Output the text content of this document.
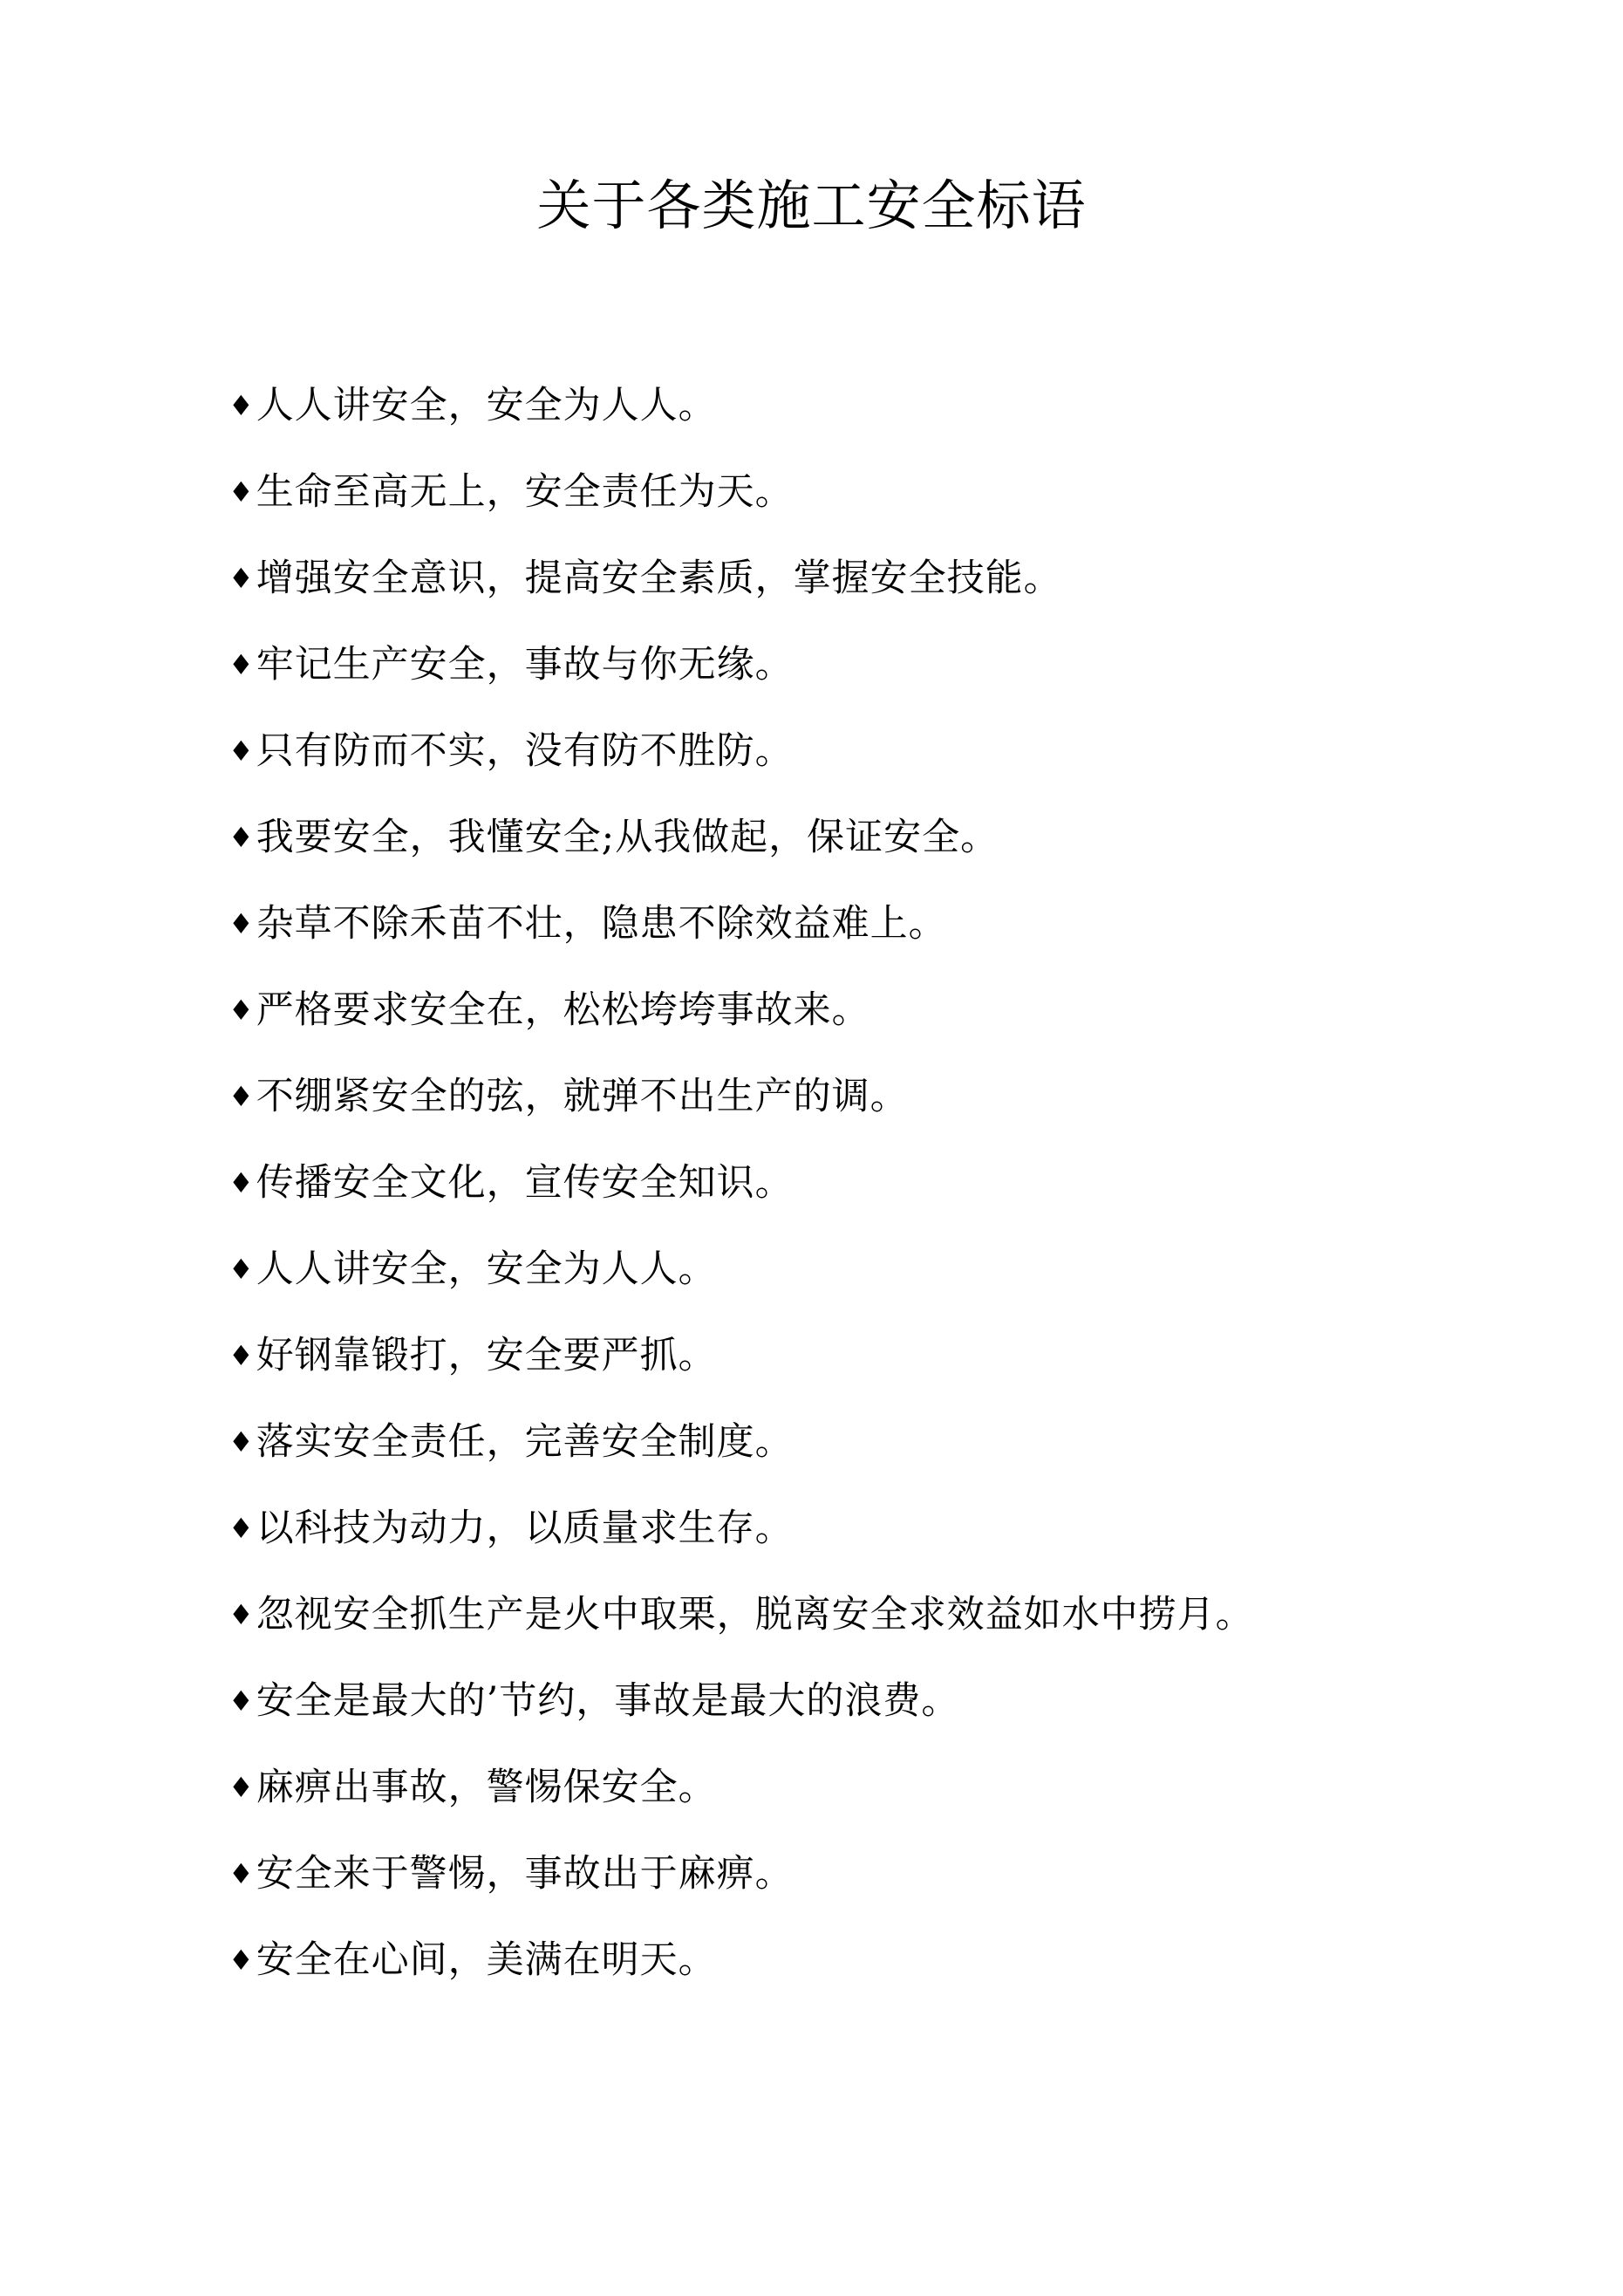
关于各类施工安全标语

♦人人讲安全，安全为人人。

♦生命至高无上，安全责任为天。

♦增强安全意识，提高安全素质，掌握安全技能。

♦牢记生产安全，事故与你无缘。

♦只有防而不实，没有防不胜防。

♦我要安全，我懂安全;从我做起，保证安全。

♦杂草不除禾苗不壮，隐患不除效益难上。

♦严格要求安全在，松松垮垮事故来。

♦不绷紧安全的弦，就弹不出生产的调。

♦传播安全文化，宣传安全知识。

♦人人讲安全，安全为人人。

♦好钢靠锻打，安全要严抓。

♦落实安全责任，完善安全制度。

♦以科技为动力，以质量求生存。

♦忽视安全抓生产是火中取栗，脱离安全求效益如水中捞月。

♦安全是最大的’节约，事故是最大的浪费。

♦麻痹出事故，警惕保安全。

♦安全来于警惕，事故出于麻痹。

♦安全在心间，美满在明天。
